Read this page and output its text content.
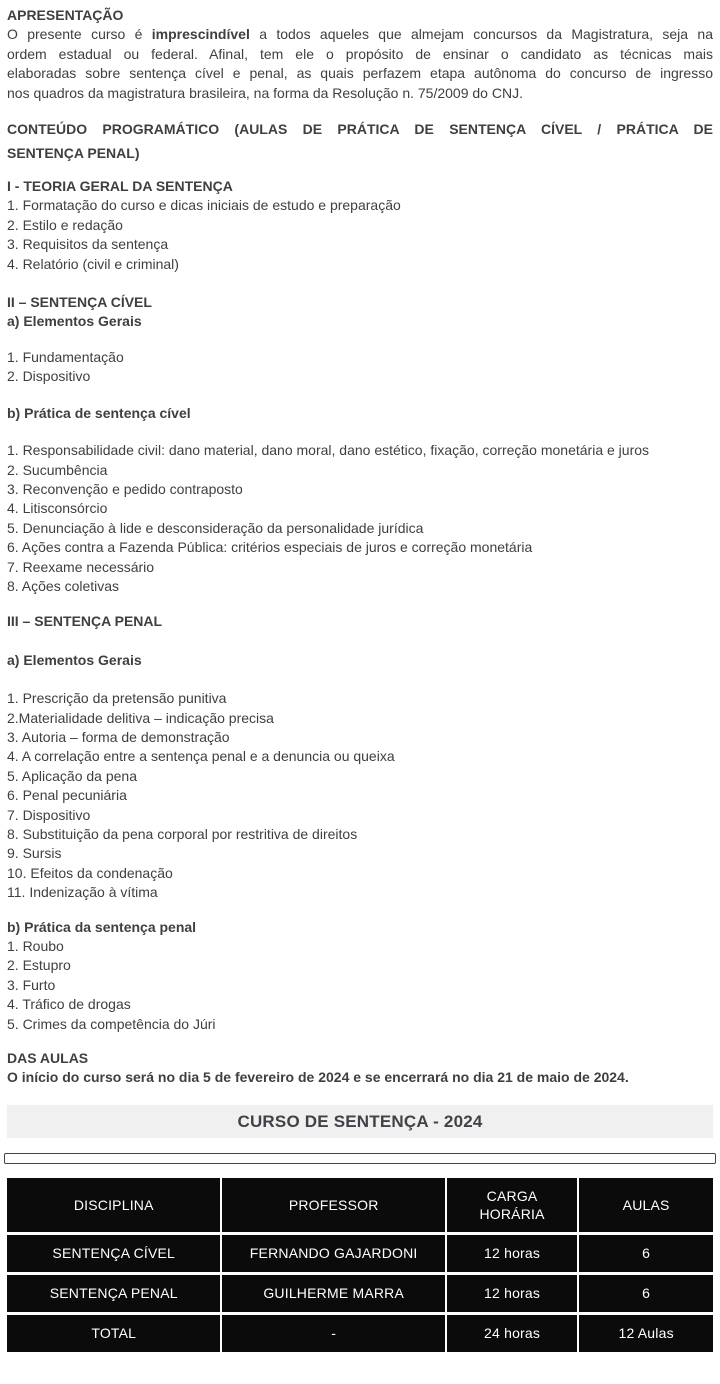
APRESENTAÇÃO
O presente curso é imprescindível a todos aqueles que almejam concursos da Magistratura, seja na
ordem estadual ou federal. Afinal, tem ele o propósito de ensinar o candidato as técnicas mais
elaboradas sobre sentença cível e penal, as quais perfazem etapa autônoma do concurso de ingresso
nos quadros da magistratura brasileira, na forma da Resolução n. 75/2009 do CNJ.
CONTEÚDO PROGRAMÁTICO (AULAS DE PRÁTICA DE SENTENÇA CÍVEL / PRÁTICA DE
SENTENÇA PENAL)
I - TEORIA GERAL DA SENTENÇA
1. Formatação do curso e dicas iniciais de estudo e preparação
2. Estilo e redação
3. Requisitos da sentença
4. Relatório (civil e criminal)
II – SENTENÇA CÍVEL
a) Elementos Gerais
1. Fundamentação
2. Dispositivo
b) Prática de sentença cível
1. Responsabilidade civil: dano material, dano moral, dano estético, fixação, correção monetária e juros
2. Sucumbência
3. Reconvenção e pedido contraposto
4. Litisconsórcio
5. Denunciação à lide e desconsideração da personalidade jurídica
6. Ações contra a Fazenda Pública: critérios especiais de juros e correção monetária
7. Reexame necessário
8. Ações coletivas
III – SENTENÇA PENAL
a) Elementos Gerais
1. Prescrição da pretensão punitiva
2.Materialidade delitiva – indicação precisa
3. Autoria – forma de demonstração
4. A correlação entre a sentença penal e a denuncia ou queixa
5. Aplicação da pena
6. Penal pecuniária
7. Dispositivo
8. Substituição da pena corporal por restritiva de direitos
9. Sursis
10. Efeitos da condenação
11. Indenização à vítima
b) Prática da sentença penal
1. Roubo
2. Estupro
3. Furto
4. Tráfico de drogas
5. Crimes da competência do Júri
DAS AULAS
O início do curso será no dia 5 de fevereiro de 2024 e se encerrará no dia 21 de maio de 2024.
CURSO DE SENTENÇA - 2024
DISCIPLINA	PROFESSOR	CARGA HORÁRIA	AULAS
SENTENÇA CÍVEL	FERNANDO GAJARDONI	12 horas	6
SENTENÇA PENAL	GUILHERME MARRA	12 horas	6
TOTAL	-	24 horas	12 Aulas
